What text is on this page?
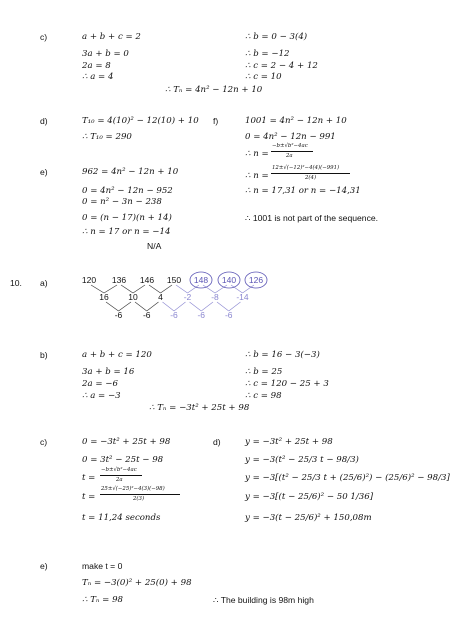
c)	a + b + c = 2
3a + b = 0
2a = 8
∴ a = 4
∴ Tₙ = 4n² − 12n + 10
∴ b = 0 − 3(4)
∴ b = −12
∴ c = 2 − 4 + 12
∴ c = 10
d)	T₁₀ = 4(10)² − 12(10) + 10
∴ T₁₀ = 290
f)	1001 = 4n² − 12n + 10
0 = 4n² − 12n − 991
∴ n =
−b±√b²−4ac
2a
∴ n =
12±√(−12)²−4(4)(−991)
2(4)
∴ n = 17,31 or n = −14,31
∴ 1001 is not part of the sequence.
e)	962 = 4n² − 12n + 10
0 = 4n² − 12n − 952
0 = n² − 3n − 238
0 = (n − 17)(n + 14)
∴ n = 17 or n = −14
N/A
10. a)	120 136 146 150 148 140 126
16 10 4 -2 -8 -14
-6 -6 -6 -6 -6
b)	a + b + c = 120
3a + b = 16
2a = −6
∴ a = −3
∴ Tₙ = −3t² + 25t + 98
∴ b = 16 − 3(−3)
∴ b = 25
∴ c = 120 − 25 + 3
∴ c = 98
c)	0 = −3t² + 25t + 98
0 = 3t² − 25t − 98
t =
−b±√b²−4ac
2a
t =
25±√(−25)²−4(3)(−98)
2(3)
t = 11,24 seconds
d)	y = −3t² + 25t + 98
y = −3(t² − 25/3 t − 98/3)
y = −3[(t² − 25/3 t + (25/6)²) − (25/6)² − 98/3]
y = −3[(t − 25/6)² − 50 1/36]
y = −3(t − 25/6)² + 150,08m
e)	make t = 0
Tₙ = −3(0)² + 25(0) + 98
∴ Tₙ = 98	∴ The building is 98m high
